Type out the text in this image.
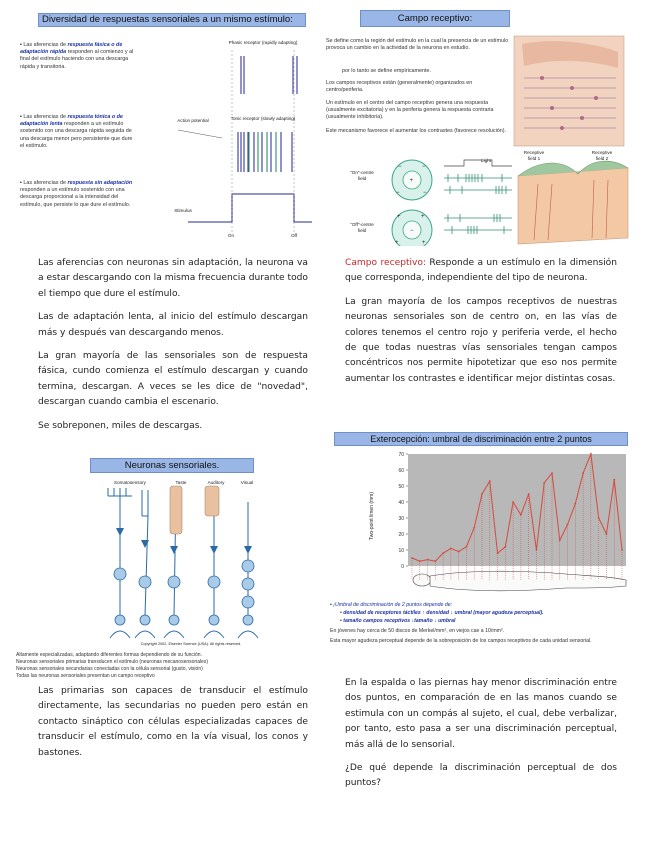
Diversidad de respuestas sensoriales a un mismo estímulo:
▪ Las aferencias de respuesta fásica o de adaptación rápida responden al comienzo y al final del estímulo haciendo con una descarga rápida y transitoria.
▪ Las aferencias de respuesta tónica o de adaptación lenta responden a un estímulo sostenido con una descarga rápida seguida de una descarga menor pero persistente que dure el estímulo.
▪ Las aferencias de respuesta sin adaptación responden a un estímulo sostenido con una descarga proporcional a la intensidad del estímulo, que persiste lo que dure el estímulo.
Phasic receptor (rapidly adapting)
Tonic receptor (slowly adapting)
Action potential
Stimulus
On	Off
Campo receptivo:
Se define como la región del estímulo en la cual la presencia de un estímulo provoca un cambio en la actividad de la neurona en estudio.
por lo tanto se define empíricamente.
Los campos receptivos están (generalmente) organizados en centro/periferia.
Un estímulo en el centro del campo receptivo genera una respuesta (usualmente excitatoria) y en la periferia genera la respuesta contraria (usualmente inhibitoria).
Este mecanismo favorece el aumentar los contrastes (favorece resolución).
"On"-centre field
"Off"-centre field
Light
Receptive field 1
Receptive field 2
+
−	−
−	−
−
+	+
+	+

Las aferencias con neuronas sin adaptación, la neurona va a estar descargando con la misma frecuencia durante todo el tiempo que dure el estímulo.

Las de adaptación lenta, al inicio del estímulo descargan más y después van descargando menos.

La gran mayoría de las sensoriales son de respuesta fásica, cundo comienza el estímulo descargan y cuando termina, descargan. A veces se les dice de "novedad", descargan cuando cambia el escenario.

Se sobreponen, miles de descargas.

Campo receptivo: Responde a un estímulo en la dimensión que corresponda, independiente del tipo de neurona.

La gran mayoría de los campos receptivos de nuestras neuronas sensoriales son de centro on, en las vías de colores tenemos el centro rojo y periferia verde, el hecho de que todas nuestras vías sensoriales tengan campos concéntricos nos permite hipotetizar que eso nos permite aumentar los contrastes e identificar mejor distintas cosas.

Neuronas sensoriales.
Somatosensory	Taste	Auditory	Visual
Copyright 2002, Elsevier Science (USA). All rights reserved.
Altamente especializadas, adaptando diferentes formas dependiendo de su función.
Neuronas sensoriales primarias transducen el estímulo (neuronas mecanosensoriales)
Neuronas sensoriales secundarias conectadas con la célula sensorial (gusto, visión)
Todas las neuronas sensoriales presentan un campo receptivo

Las primarias son capaces de transducir el estímulo directamente, las secundarias no pueden pero están en contacto sináptico con células especializadas capaces de transducir el estímulo, como en la vía visual, los conos y bastones.

Exterocepción: umbral de discriminación entre 2 puntos
Two-point limen (mm)
0
10
20
30
40
50
60
70
▪ ¡Umbral de discriminación de 2 puntos depende de:
• densidad de receptores táctiles ↑ densidad ↓ umbral (mayor agudeza perceptual).
• tamaño campos receptivos ↓tamaño ↓ umbral
En jóvenes hay cerca de 50 discos de Merkel/mm², en viejos cae a 10/mm².
Esta mayor agudeza perceptual depende de la sobreposición de los campos receptivos de cada unidad sensorial.

En la espalda o las piernas hay menor discriminación entre dos puntos, en comparación de en las manos cuando se estimula con un compás al sujeto, el cual, debe verbalizar, por tanto, esto pasa a ser una discriminación perceptual, más allá de lo sensorial.

¿De qué depende la discriminación perceptual de dos puntos?
